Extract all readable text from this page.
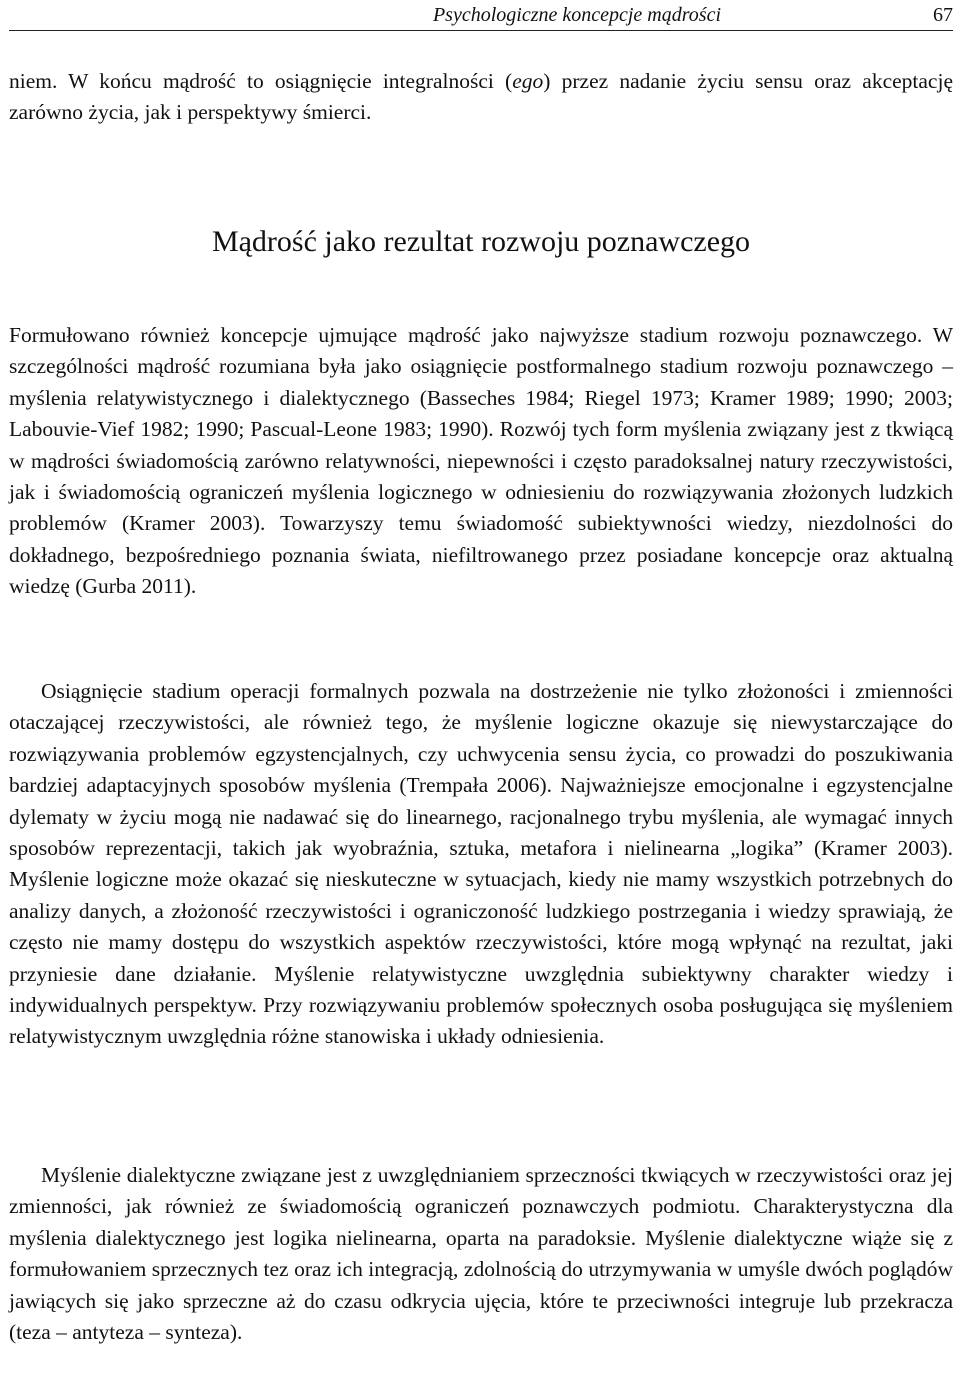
Psychologiczne koncepcje mądrości	67

niem. W końcu mądrość to osiągnięcie integralności (ego) przez nadanie życiu sensu oraz akceptację zarówno życia, jak i perspektywy śmierci.

Mądrość jako rezultat rozwoju poznawczego

Formułowano również koncepcje ujmujące mądrość jako najwyższe stadium rozwoju poznawczego. W szczególności mądrość rozumiana była jako osiągnięcie postformalnego stadium rozwoju poznawczego – myślenia relatywistycznego i dialektycznego (Basseches 1984; Riegel 1973; Kramer 1989; 1990; 2003; Labouvie-Vief 1982; 1990; Pascual-Leone 1983; 1990). Rozwój tych form myślenia związany jest z tkwiącą w mądrości świadomością zarówno relatywności, niepewności i często paradoksalnej natury rzeczywistości, jak i świadomością ograniczeń myślenia logicznego w odniesieniu do rozwiązywania złożonych ludzkich problemów (Kramer 2003). Towarzyszy temu świadomość subiektywności wiedzy, niezdolności do dokładnego, bezpośredniego poznania świata, niefiltrowanego przez posiadane koncepcje oraz aktualną wiedzę (Gurba 2011).

Osiągnięcie stadium operacji formalnych pozwala na dostrzeżenie nie tylko złożoności i zmienności otaczającej rzeczywistości, ale również tego, że myślenie logiczne okazuje się niewystarczające do rozwiązywania problemów egzystencjalnych, czy uchwycenia sensu życia, co prowadzi do poszukiwania bardziej adaptacyjnych sposobów myślenia (Trempała 2006). Najważniejsze emocjonalne i egzystencjalne dylematy w życiu mogą nie nadawać się do linearnego, racjonalnego trybu myślenia, ale wymagać innych sposobów reprezentacji, takich jak wyobraźnia, sztuka, metafora i nielinearna „logika” (Kramer 2003). Myślenie logiczne może okazać się nieskuteczne w sytuacjach, kiedy nie mamy wszystkich potrzebnych do analizy danych, a złożoność rzeczywistości i ograniczoność ludzkiego postrzegania i wiedzy sprawiają, że często nie mamy dostępu do wszystkich aspektów rzeczywistości, które mogą wpłynąć na rezultat, jaki przyniesie dane działanie. Myślenie relatywistyczne uwzględnia subiektywny charakter wiedzy i indywidualnych perspektyw. Przy rozwiązywaniu problemów społecznych osoba posługująca się myśleniem relatywistycznym uwzględnia różne stanowiska i układy odniesienia.

Myślenie dialektyczne związane jest z uwzględnianiem sprzeczności tkwiących w rzeczywistości oraz jej zmienności, jak również ze świadomością ograniczeń poznawczych podmiotu. Charakterystyczna dla myślenia dialektycznego jest logika nielinearna, oparta na paradoksie. Myślenie dialektyczne wiąże się z formułowaniem sprzecznych tez oraz ich integracją, zdolnością do utrzymywania w umyśle dwóch poglądów jawiących się jako sprzeczne aż do czasu odkrycia ujęcia, które te przeciwności integruje lub przekracza (teza – antyteza – synteza).
